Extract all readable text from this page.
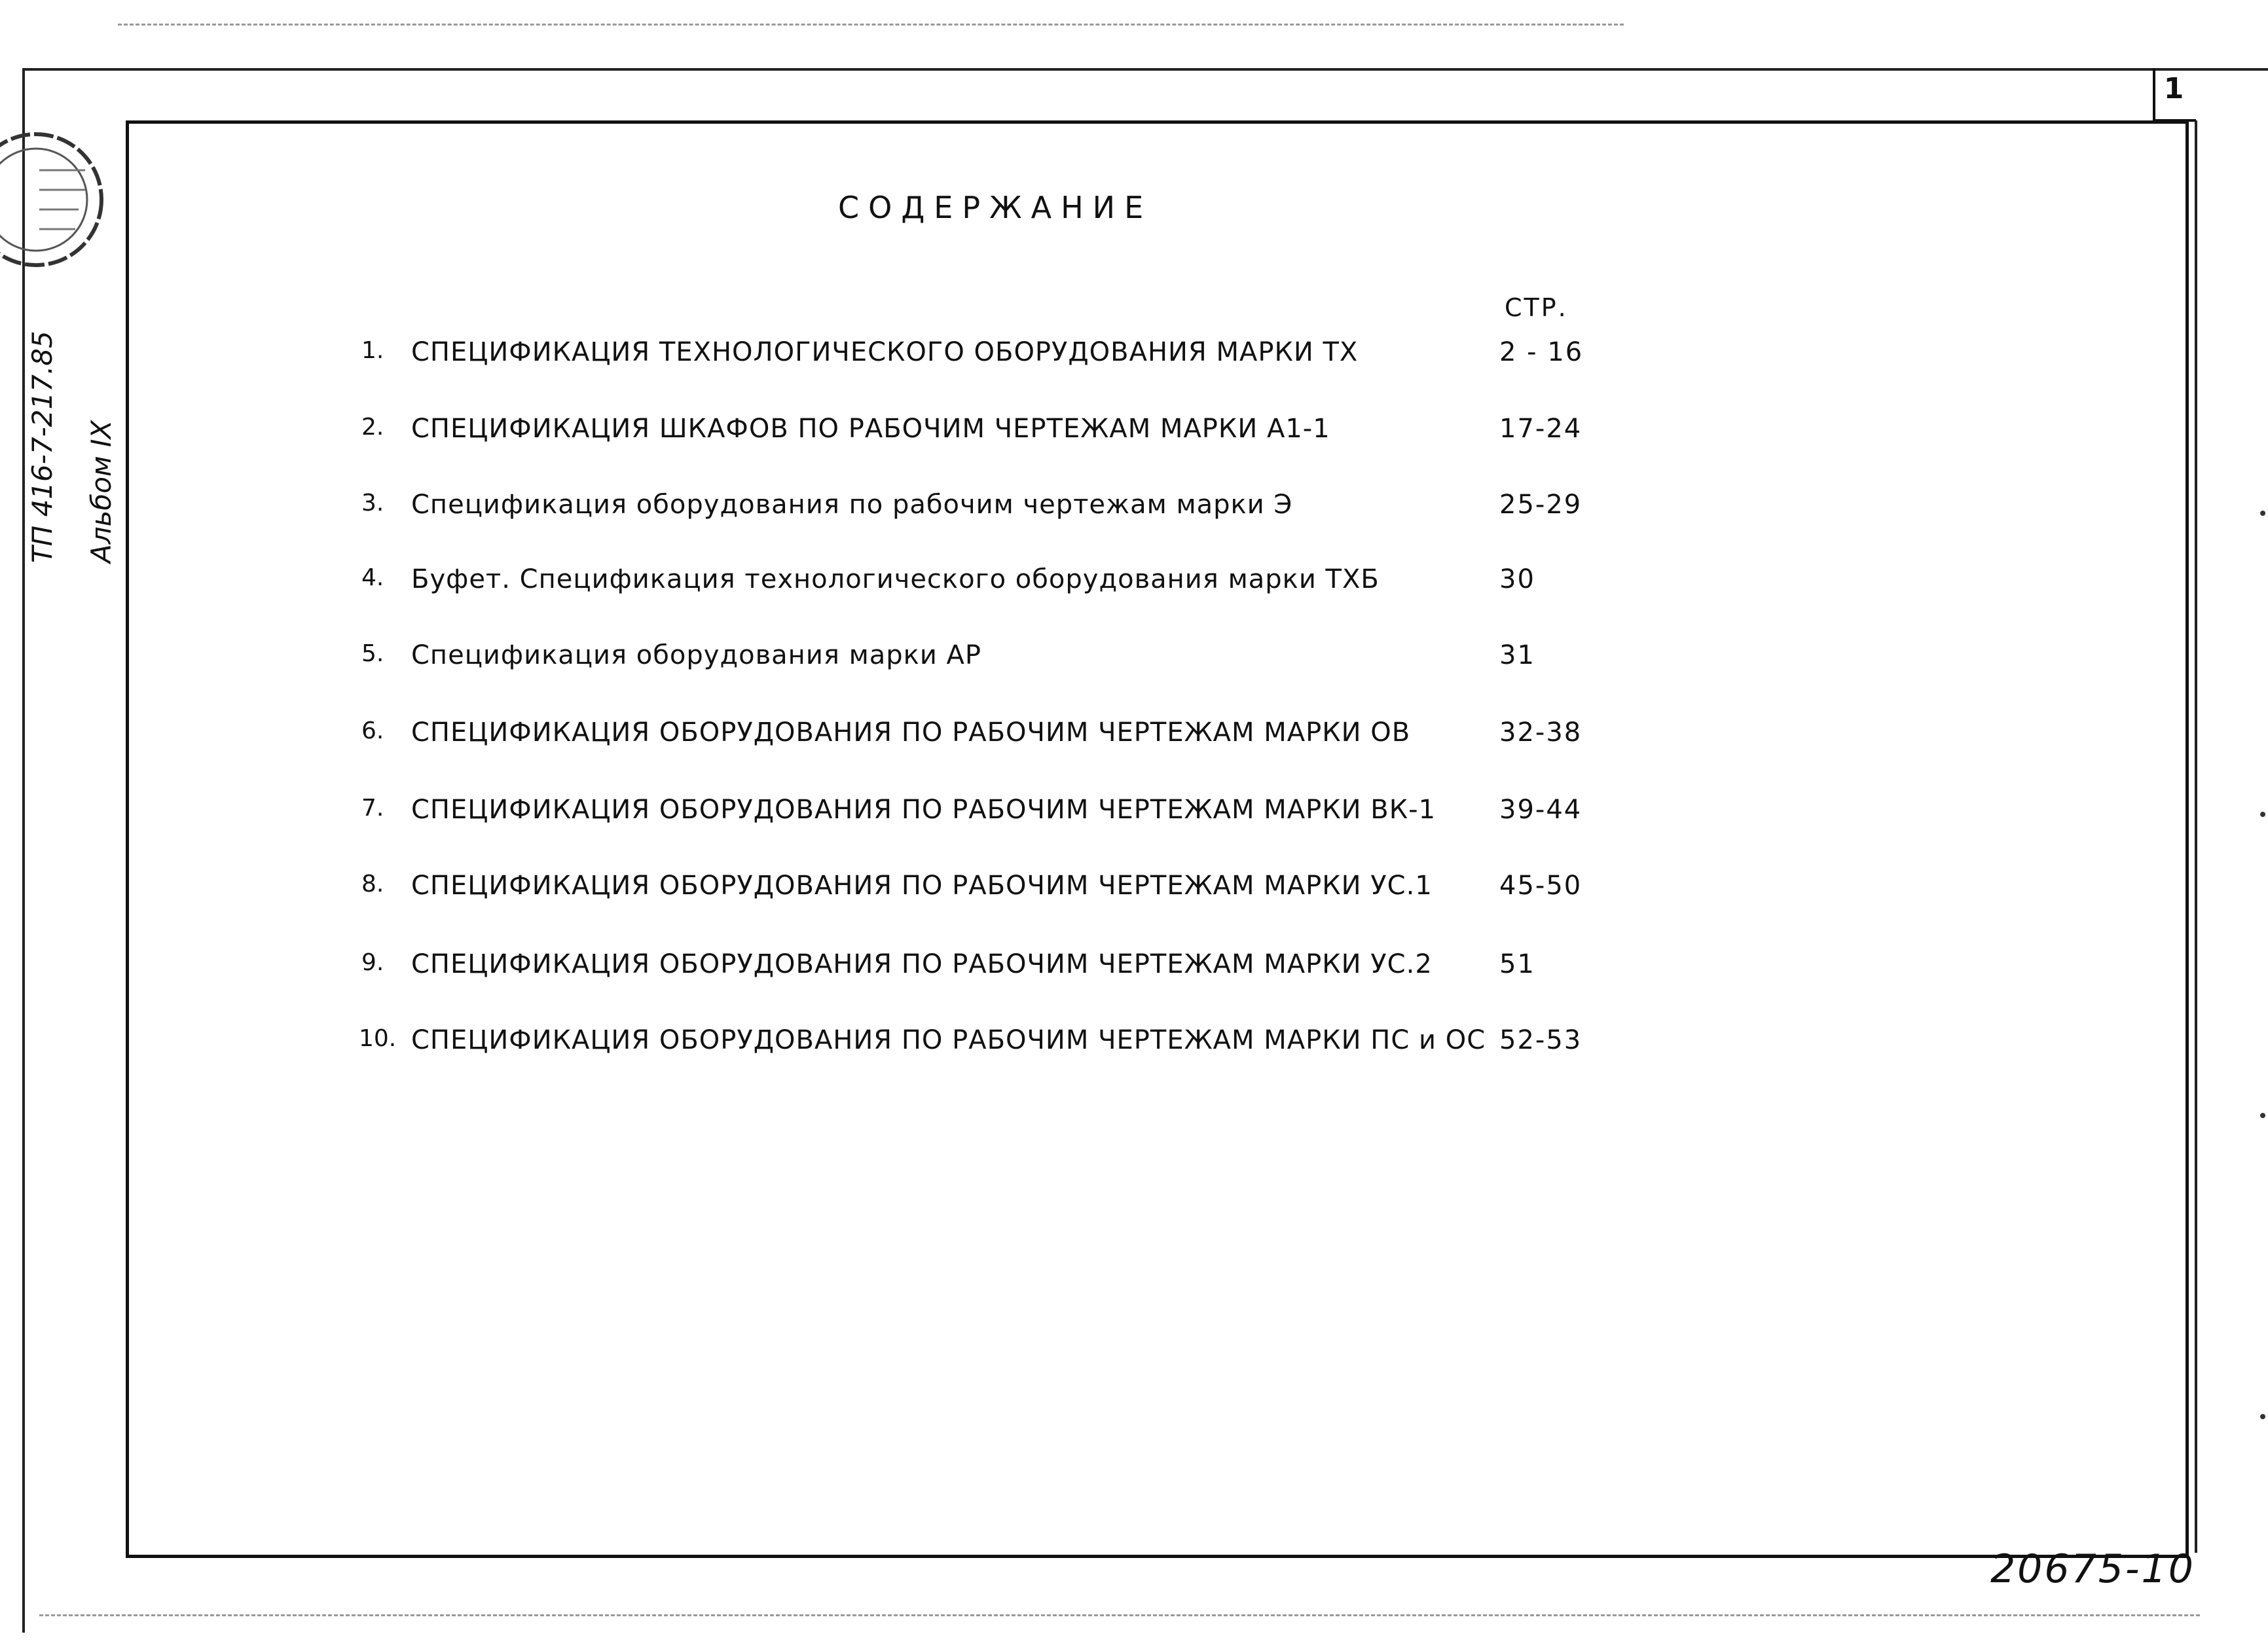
1
ТП 416-7-217.85 Альбом IX
СОДЕРЖАНИЕ
СТР.
1. СПЕЦИФИКАЦИЯ ТЕХНОЛОГИЧЕСКОГО ОБОРУДОВАНИЯ МАРКИ ТХ	2 - 16
2. СПЕЦИФИКАЦИЯ ШКАФОВ ПО РАБОЧИМ ЧЕРТЕЖАМ МАРКИ А1-1	17-24
3. Спецификация оборудования по рабочим чертежам марки Э	25-29
4. Буфет. Спецификация технологического оборудования марки ТХБ	30
5. Спецификация оборудования марки АР	31
6. СПЕЦИФИКАЦИЯ ОБОРУДОВАНИЯ ПО РАБОЧИМ ЧЕРТЕЖАМ МАРКИ ОВ	32-38
7. СПЕЦИФИКАЦИЯ ОБОРУДОВАНИЯ ПО РАБОЧИМ ЧЕРТЕЖАМ МАРКИ ВК-1 39-44
8. СПЕЦИФИКАЦИЯ ОБОРУДОВАНИЯ ПО РАБОЧИМ ЧЕРТЕЖАМ МАРКИ УС.1	45-50
9. СПЕЦИФИКАЦИЯ ОБОРУДОВАНИЯ ПО РАБОЧИМ ЧЕРТЕЖАМ МАРКИ УС.2	51
10. СПЕЦИФИКАЦИЯ ОБОРУДОВАНИЯ ПО РАБОЧИМ ЧЕРТЕЖАМ МАРКИ ПС и ОС 52-53
20675-10
